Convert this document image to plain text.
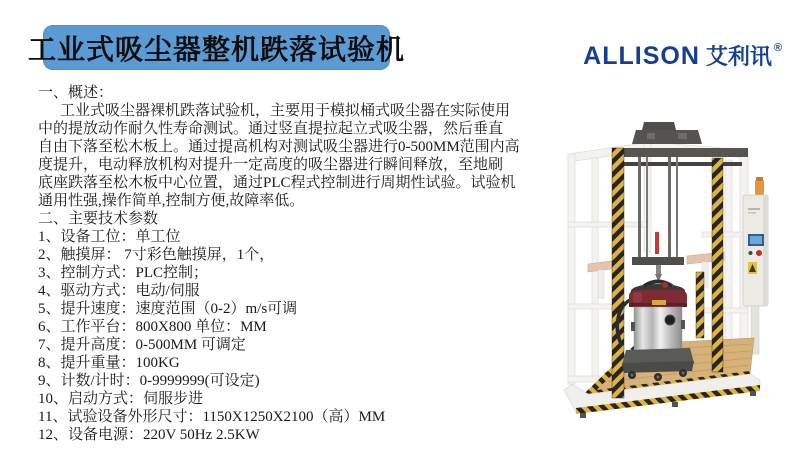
工业式吸尘器整机跌落试验机	ALLISON 艾利讯 ®
一、概述：
工业式吸尘器裸机跌落试验机，主要用于模拟桶式吸尘器在实际使用
中的提放动作耐久性寿命测试。通过竖直提拉起立式吸尘器，然后垂直
自由下落至松木板上。通过提高机构对测试吸尘器进行0-500MM范围内高
度提升，电动释放机构对提升一定高度的吸尘器进行瞬间释放，至地刷
底座跌落至松木板中心位置，通过PLC程式控制进行周期性试验。试验机
通用性强,操作简单,控制方便,故障率低。
二、主要技术参数
1、设备工位：单工位
2、触摸屏： 7寸彩色触摸屏，1个，
3、控制方式：PLC控制；
4、驱动方式：电动/伺服
5、提升速度：速度范围（0-2）m/s可调
6、工作平台：800X800 单位：MM
7、提升高度：0-500MM 可调定
8、提升重量：100KG
9、计数/计时：0-9999999(可设定)
10、启动方式：伺服步进
11、试验设备外形尺寸：1150X1250X2100（高）MM
12、设备电源：220V 50Hz 2.5KW
